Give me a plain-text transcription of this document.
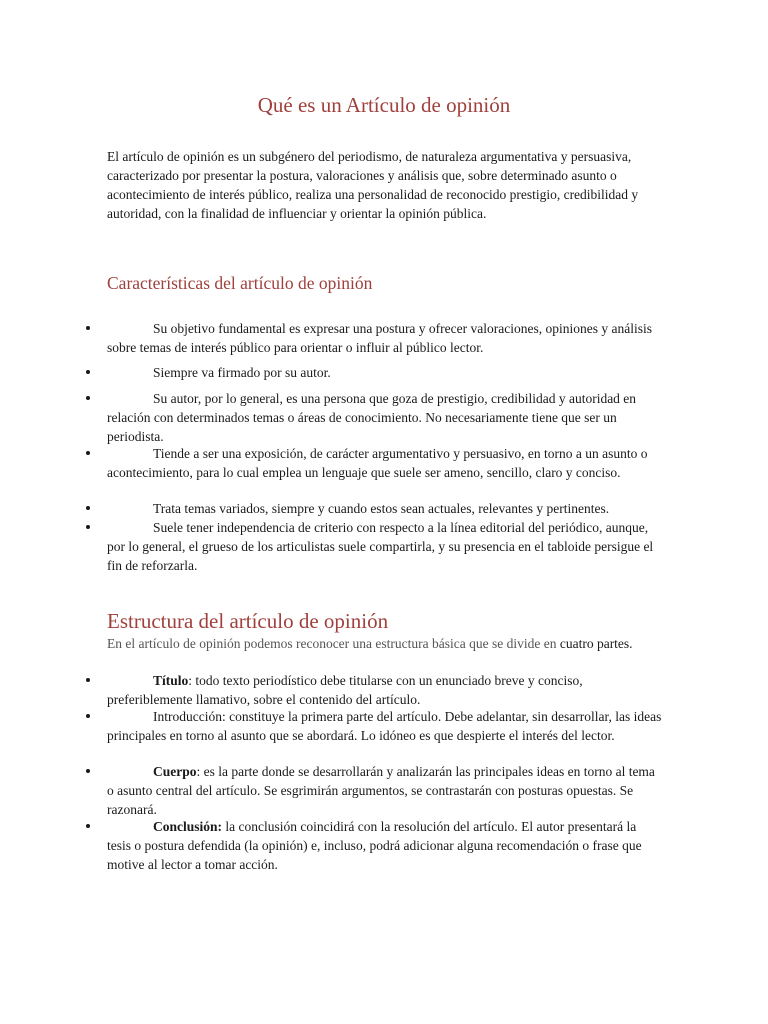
Qué es un Artículo de opinión
El artículo de opinión es un subgénero del periodismo, de naturaleza argumentativa y persuasiva, caracterizado por presentar la postura, valoraciones y análisis que, sobre determinado asunto o acontecimiento de interés público, realiza una personalidad de reconocido prestigio, credibilidad y autoridad, con la finalidad de influenciar y orientar la opinión pública.
Características del artículo de opinión
Su objetivo fundamental es expresar una postura y ofrecer valoraciones, opiniones y análisis sobre temas de interés público para orientar o influir al público lector.
Siempre va firmado por su autor.
Su autor, por lo general, es una persona que goza de prestigio, credibilidad y autoridad en relación con determinados temas o áreas de conocimiento. No necesariamente tiene que ser un periodista.
Tiende a ser una exposición, de carácter argumentativo y persuasivo, en torno a un asunto o acontecimiento, para lo cual emplea un lenguaje que suele ser ameno, sencillo, claro y conciso.
Trata temas variados, siempre y cuando estos sean actuales, relevantes y pertinentes.
Suele tener independencia de criterio con respecto a la línea editorial del periódico, aunque, por lo general, el grueso de los articulistas suele compartirla, y su presencia en el tabloide persigue el fin de reforzarla.
Estructura del artículo de opinión
En el artículo de opinión podemos reconocer una estructura básica que se divide en cuatro partes.
Título: todo texto periodístico debe titularse con un enunciado breve y conciso, preferiblemente llamativo, sobre el contenido del artículo.
Introducción: constituye la primera parte del artículo. Debe adelantar, sin desarrollar, las ideas principales en torno al asunto que se abordará. Lo idóneo es que despierte el interés del lector.
Cuerpo: es la parte donde se desarrollarán y analizarán las principales ideas en torno al tema o asunto central del artículo. Se esgrimirán argumentos, se contrastarán con posturas opuestas. Se razonará.
Conclusión: la conclusión coincidirá con la resolución del artículo. El autor presentará la tesis o postura defendida (la opinión) e, incluso, podrá adicionar alguna recomendación o frase que motive al lector a tomar acción.
